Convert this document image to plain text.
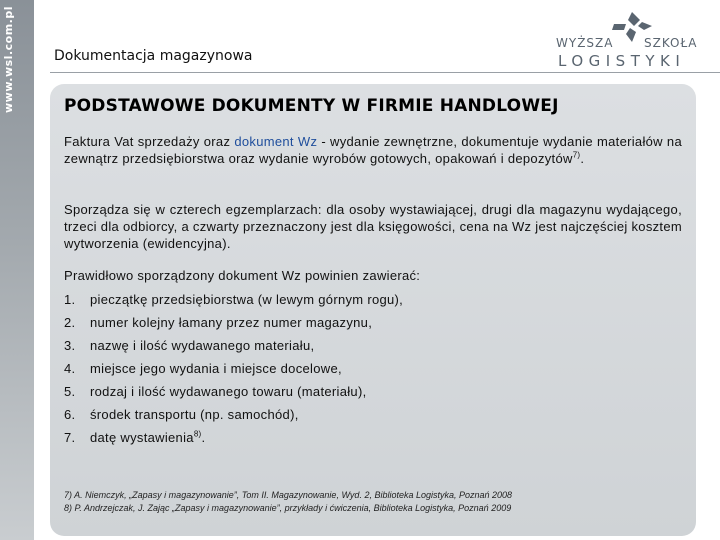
www.wsl.com.pl	Dokumentacja magazynowa
WYŻSZA	SZKOŁA
LOGISTYKI
PODSTAWOWE DOKUMENTY W FIRMIE HANDLOWEJ
Faktura Vat sprzedaży oraz dokument Wz - wydanie zewnętrzne, dokumentuje wydanie materiałów na zewnątrz przedsiębiorstwa oraz wydanie wyrobów gotowych, opakowań i depozytów$^{7)}$.
Sporządza się w czterech egzemplarzach: dla osoby wystawiającej, drugi dla magazynu wydającego, trzeci dla odbiorcy, a czwarty przeznaczony jest dla księgowości, cena na Wz jest najczęściej kosztem wytworzenia (ewidencyjna).
Prawidłowo sporządzony dokument Wz powinien zawierać:
1.	pieczątkę przedsiębiorstwa (w lewym górnym rogu),
2.	numer kolejny łamany przez numer magazynu,
3.	nazwę i ilość wydawanego materiału,
4.	miejsce jego wydania i miejsce docelowe,
5.	rodzaj i ilość wydawanego towaru (materiału),
6.	środek transportu (np. samochód),
7.	datę wystawienia$^{8)}$.
7) A. Niemczyk, „Zapasy i magazynowanie”, Tom II. Magazynowanie, Wyd. 2, Biblioteka Logistyka, Poznań 2008
8) P. Andrzejczak, J. Zając „Zapasy i magazynowanie”, przykłady i ćwiczenia, Biblioteka Logistyka, Poznań 2009
